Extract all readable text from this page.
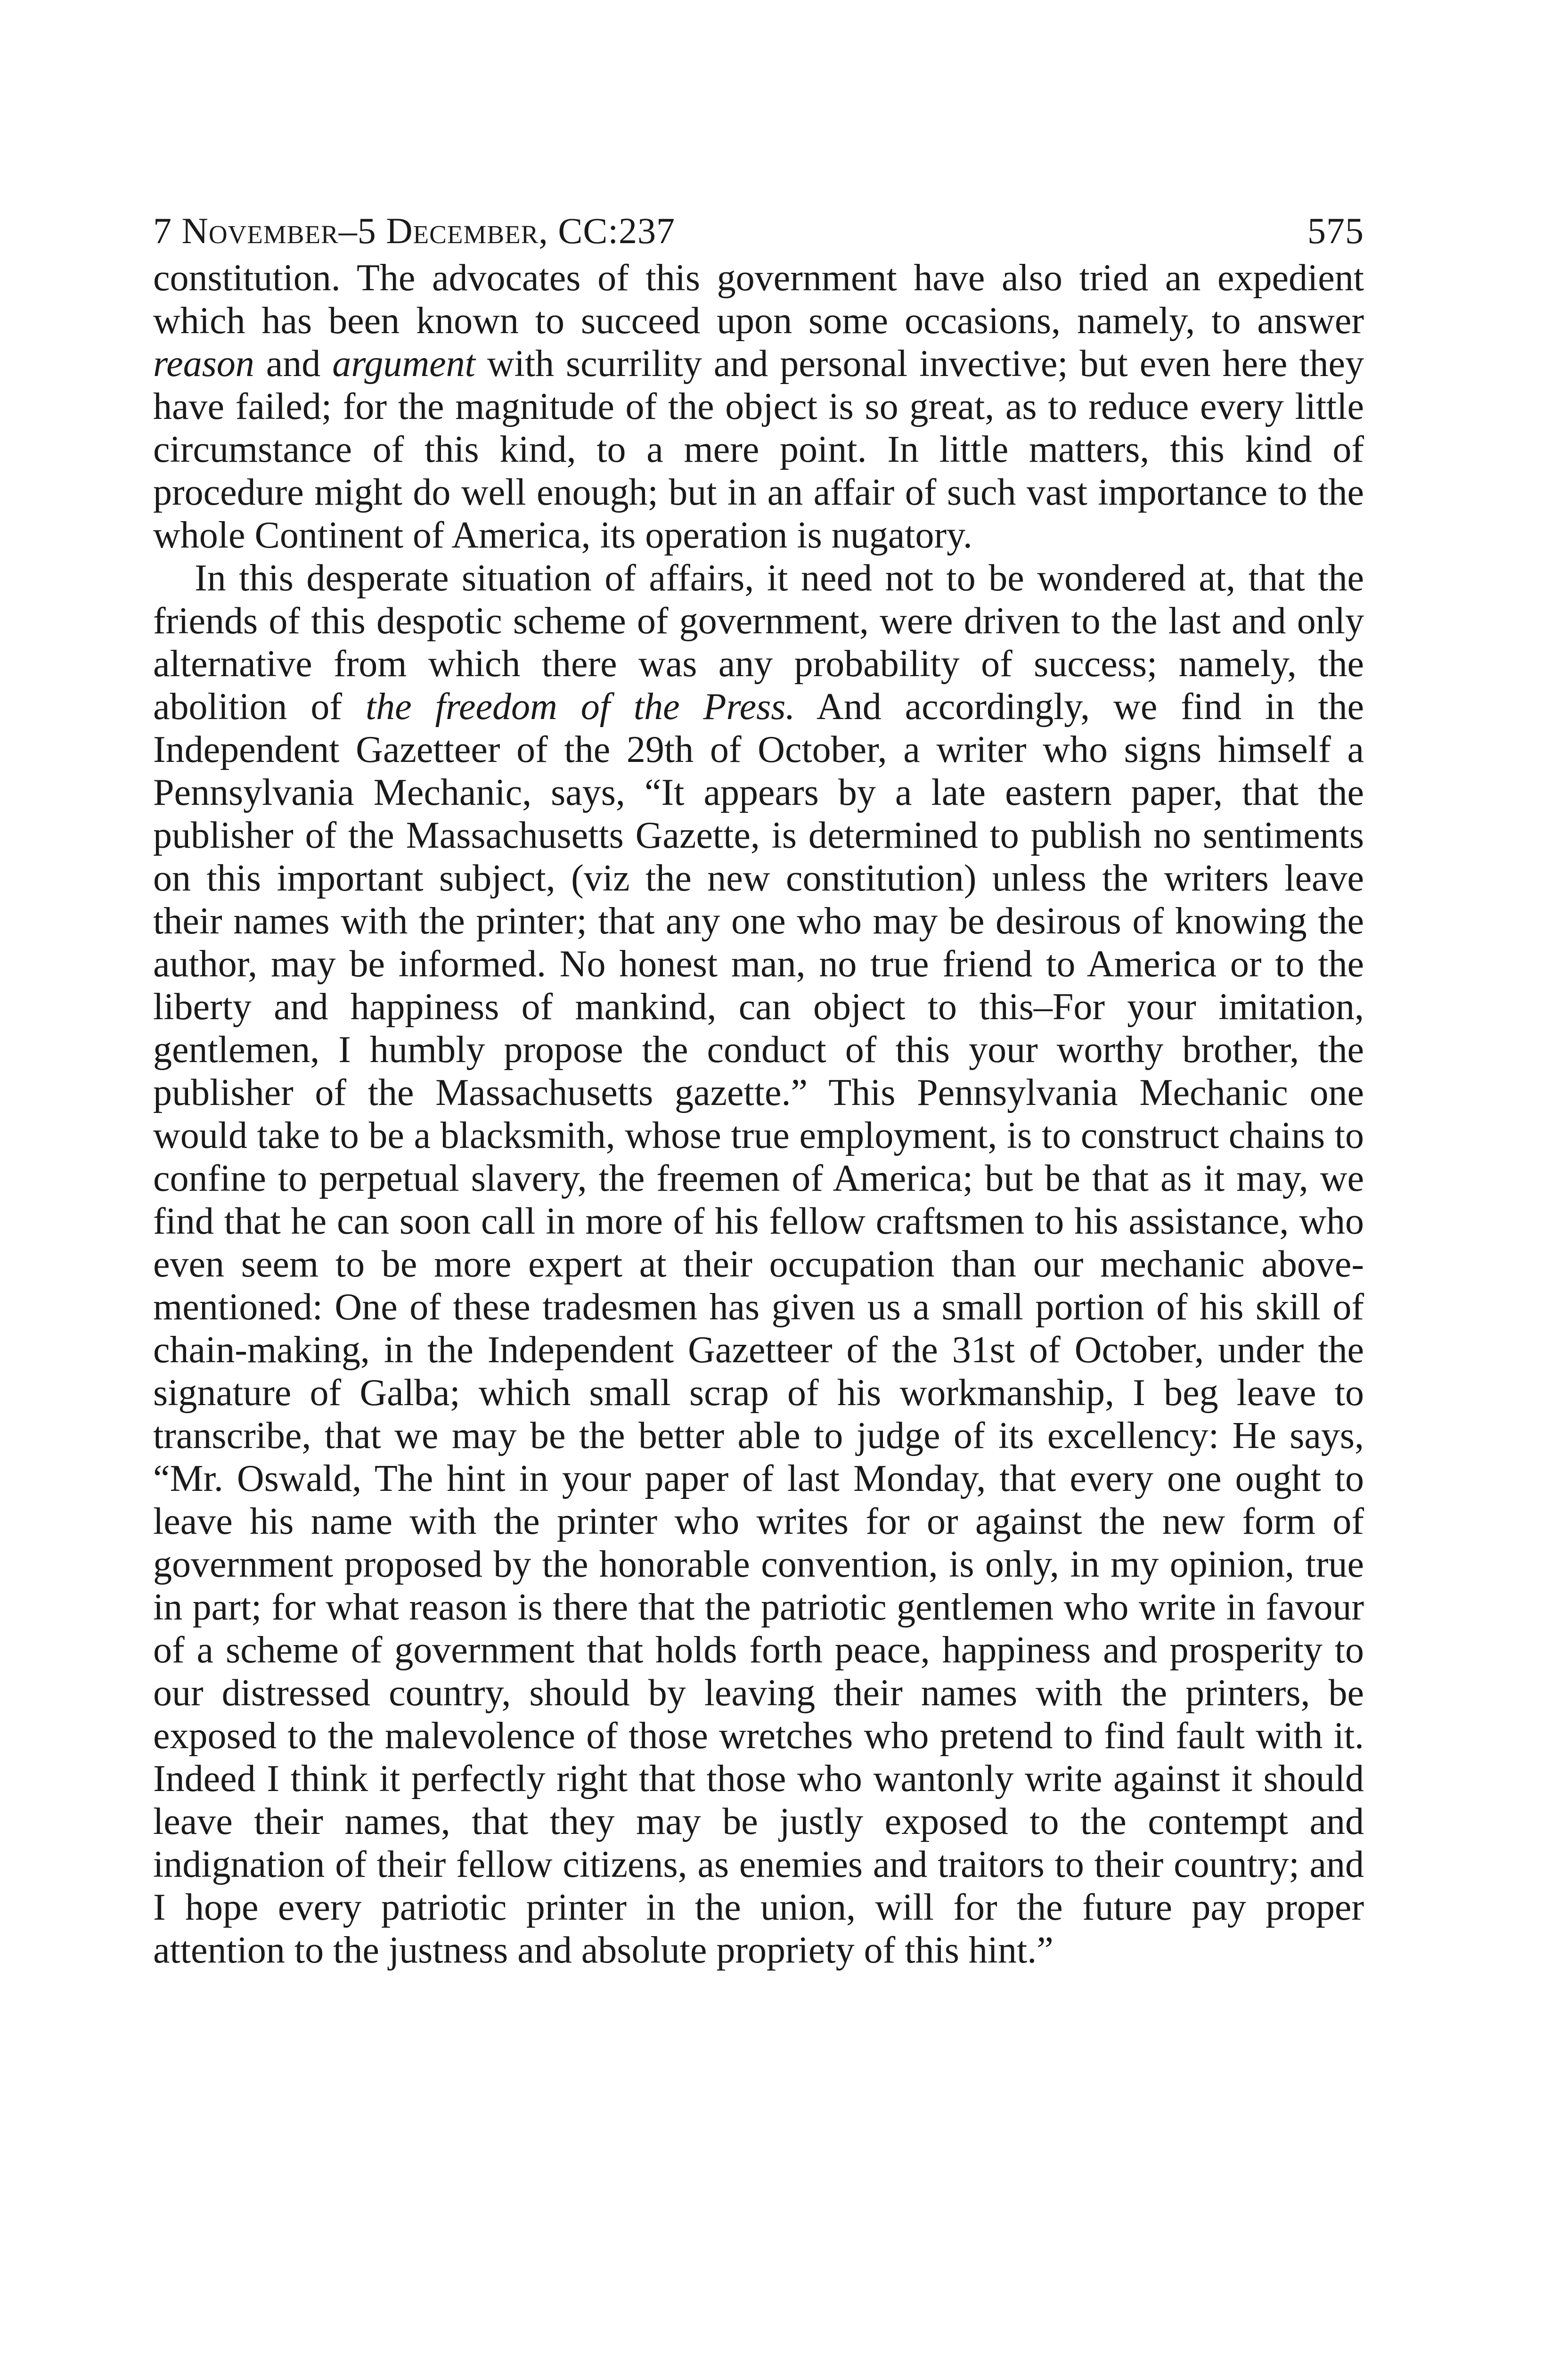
7 November–5 December, CC:237	575

constitution. The advocates of this government have also tried an expedient which has been known to succeed upon some occasions, namely, to answer reason and argument with scurrility and personal invective; but even here they have failed; for the magnitude of the object is so great, as to reduce every little circumstance of this kind, to a mere point. In little matters, this kind of procedure might do well enough; but in an affair of such vast importance to the whole Continent of America, its operation is nugatory.

In this desperate situation of affairs, it need not to be wondered at, that the friends of this despotic scheme of government, were driven to the last and only alternative from which there was any probability of success; namely, the abolition of the freedom of the Press. And accordingly, we find in the Independent Gazetteer of the 29th of October, a writer who signs himself a Pennsylvania Mechanic, says, “It appears by a late eastern paper, that the publisher of the Massachusetts Gazette, is determined to publish no sentiments on this important subject, (viz the new constitution) unless the writers leave their names with the printer; that any one who may be desirous of knowing the author, may be informed. No honest man, no true friend to America or to the liberty and happiness of mankind, can object to this–For your imitation, gentlemen, I humbly propose the conduct of this your worthy brother, the publisher of the Massachusetts gazette.” This Pennsylvania Mechanic one would take to be a blacksmith, whose true employment, is to construct chains to confine to perpetual slavery, the freemen of America; but be that as it may, we find that he can soon call in more of his fellow craftsmen to his assistance, who even seem to be more expert at their occupation than our mechanic above-mentioned: One of these tradesmen has given us a small portion of his skill of chain-making, in the Independent Gazetteer of the 31st of October, under the signature of Galba; which small scrap of his workmanship, I beg leave to transcribe, that we may be the better able to judge of its excellency: He says, “Mr. Oswald, The hint in your paper of last Monday, that every one ought to leave his name with the printer who writes for or against the new form of government proposed by the honorable convention, is only, in my opinion, true in part; for what reason is there that the patriotic gentlemen who write in favour of a scheme of government that holds forth peace, happiness and prosperity to our distressed country, should by leaving their names with the printers, be exposed to the malevolence of those wretches who pretend to find fault with it. Indeed I think it perfectly right that those who wantonly write against it should leave their names, that they may be justly exposed to the contempt and indignation of their fellow citizens, as enemies and traitors to their country; and I hope every patriotic printer in the union, will for the future pay proper attention to the justness and absolute propriety of this hint.”
